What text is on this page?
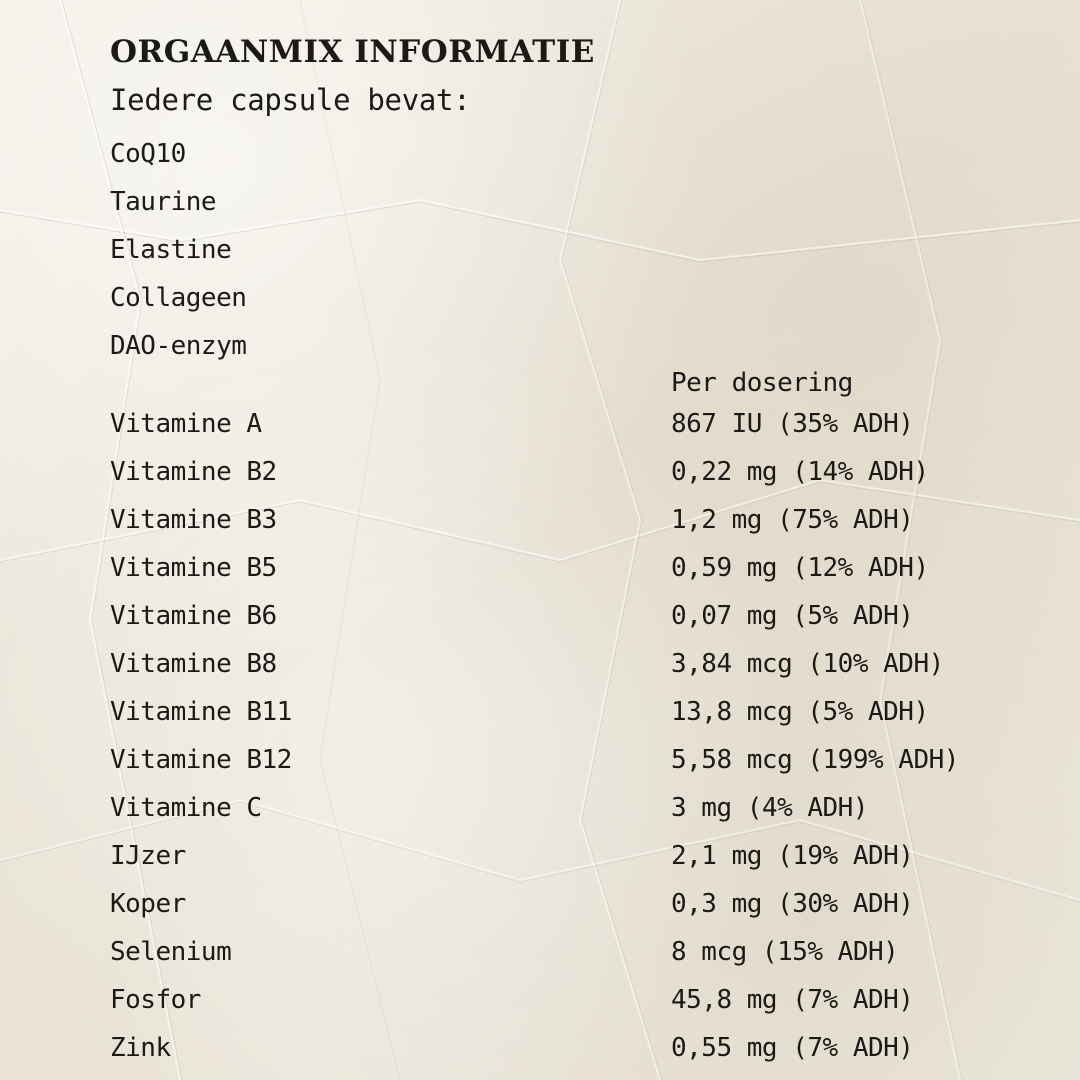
ORGAANMIX INFORMATIE
Iedere capsule bevat:
CoQ10
Taurine
Elastine
Collageen
DAO-enzym
Per dosering
Vitamine A	867 IU (35% ADH)
Vitamine B2	0,22 mg (14% ADH)
Vitamine B3	1,2 mg (75% ADH)
Vitamine B5	0,59 mg (12% ADH)
Vitamine B6	0,07 mg (5% ADH)
Vitamine B8	3,84 mcg (10% ADH)
Vitamine B11	13,8 mcg (5% ADH)
Vitamine B12	5,58 mcg (199% ADH)
Vitamine C	3 mg (4% ADH)
IJzer	2,1 mg (19% ADH)
Koper	0,3 mg (30% ADH)
Selenium	8 mcg (15% ADH)
Fosfor	45,8 mg (7% ADH)
Zink	0,55 mg (7% ADH)
